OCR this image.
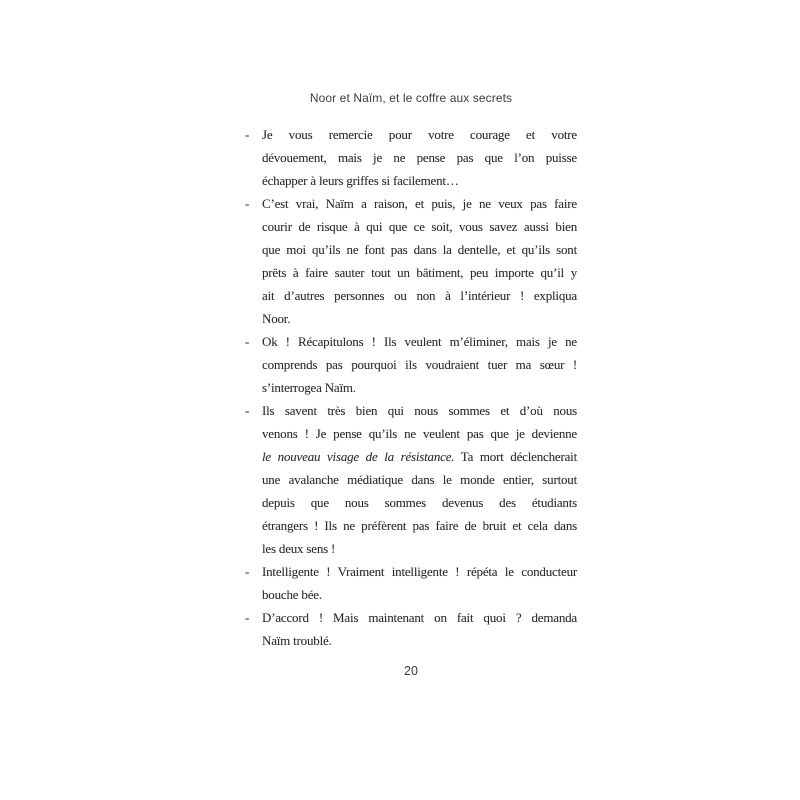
Noor et Naïm, et le coffre aux secrets
- Je vous remercie pour votre courage et votre
dévouement, mais je ne pense pas que l’on puisse
échapper à leurs griffes si facilement…
- C’est vrai, Naïm a raison, et puis, je ne veux pas faire
courir de risque à qui que ce soit, vous savez aussi bien
que moi qu’ils ne font pas dans la dentelle, et qu’ils sont
prêts à faire sauter tout un bâtiment, peu importe qu’il y
ait d’autres personnes ou non à l’intérieur ! expliqua
Noor.
- Ok ! Récapitulons ! Ils veulent m’éliminer, mais je ne
comprends pas pourquoi ils voudraient tuer ma sœur !
s’interrogea Naïm.
- Ils savent très bien qui nous sommes et d’où nous
venons ! Je pense qu’ils ne veulent pas que je devienne
le nouveau visage de la résistance. Ta mort déclencherait
une avalanche médiatique dans le monde entier, surtout
depuis que nous sommes devenus des étudiants
étrangers ! Ils ne préfèrent pas faire de bruit et cela dans
les deux sens !
- Intelligente ! Vraiment intelligente ! répéta le conducteur
bouche bée.
- D’accord ! Mais maintenant on fait quoi ? demanda
Naïm troublé.
20
